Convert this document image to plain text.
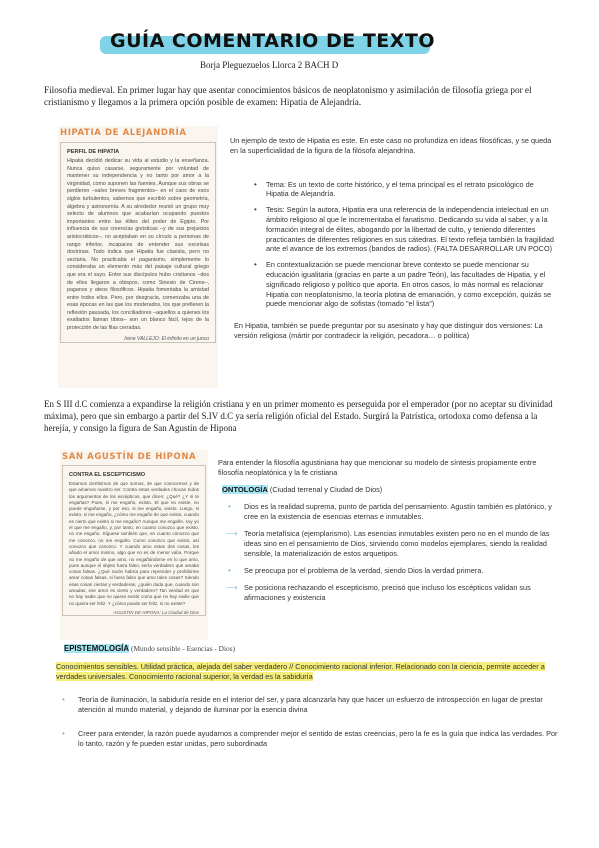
GUÍA COMENTARIO DE TEXTO
Borja Pleguezuelos Llorca 2 BACH D
Filosofía medieval. En primer lugar hay que asentar conocimientos básicos de neoplatonismo y asimilación de filosofía griega por el cristianismo y llegamos a la primera opción posible de examen: Hipatia de Alejandría.
HIPATIA DE ALEJANDRÍA
PERFIL DE HIPATIA
Hipatia decidió dedicar su vida al estudio y la enseñanza. Nunca quiso casarse, seguramente por voluntad de mantener su independencia y no tanto por amor a la virginidad, como suponen las fuentes. Aunque sus obras se perdieron –salvo breves fragmentos– en el caos de esos siglos turbulentos, sabemos que escribió sobre geometría, álgebra y astronomía. A su alrededor reunió un grupo muy selecto de alumnos que acabarían ocupando puestos importantes entre las élites del poder de Egipto. Por influencia de sus creencias gnósticas –y de sus prejuicios aristocráticos–, no aceptaban en su círculo a personas de rango inferior, incapaces de entender sus excelsas doctrinas. Todo indica que Hipatia fue clasista, pero no sectaria. No practicaba el paganismo, simplemente lo consideraba un elemento más del paisaje cultural griego que era el suyo. Entre sus discípulos hubo cristianos –dos de ellos llegaron a obispos, como Sinesio de Cirene–, paganos y ateos filosóficos. Hipatia fomentaba la amistad entre todos ellos. Pero, por desgracia, comenzaba una de esas épocas en las que los moderados, los que prefieren la reflexión pausada, los conciliadores –aquellos a quienes los exaltados llaman tibios– son un blanco fácil, lejos de la protección de las filas cerradas.
Irene VALLEJO: El infinito en un junco
Un ejemplo de texto de Hipatia es este. En este caso no profundiza en ideas filosóficas, y se queda en la superficialidad de la figura de la filósofa alejandrina.
• Tema: Es un texto de corte histórico, y el tema principal es el retrato psicológico de Hipatia de Alejandría.
• Tesis: Según la autora, Hipatia era una referencia de la independencia intelectual en un ámbito religioso al que le incrementaba el fanatismo. Dedicando su vida al saber, y a la formación integral de élites, abogando por la libertad de culto, y teniendo diferentes practicantes de diferentes religiones en sus cátedras. El texto refleja también la fragilidad ante el avance de los extremos (bandos de radios). (FALTA DESARROLLAR UN POCO)
• En contextualización se puede mencionar breve contexto se puede mencionar su educación igualitaria (gracias en parte a un padre Teón), las facultades de Hipatia, y el significado religioso y político que aporta. En otros casos, lo más normal es relacionar Hipatia con neoplatonismo, la teoría plotina de emanación, y como excepción, quizás se puede mencionar algo de sofistas (tomado "el lista")
En Hipatia, también se puede preguntar por su asesinato y hay que distinguir dos versiones: La versión religiosa (mártir por contradecir la religión, pecadora… o política)
En S III d.C comienza a expandirse la religión cristiana y en un primer momento es perseguida por el emperador (por no aceptar su divinidad máxima), pero que sin embargo a partir del S.IV d.C ya sería religión oficial del Estado. Surgirá la Patrística, ortodoxa como defensa a la herejía, y consigo la figura de San Agustín de Hipona
SAN AGUSTÍN DE HIPONA
CONTRA EL ESCEPTICISMO
Estamos ciertísimos de que somos, de que conocemos y de que amamos nuestro ser. Contra estas verdades chocan todos los argumentos de los escépticos, que dicen: ¿Qué? ¿Y si te engañas? Pues, si me engaño, existo. El que no existe, no puede engañarse, y por eso, si me engaño, existo. Luego, si existo, si me engaño, ¿cómo me engaño de que existo, cuando es cierto que existo si me engaño? Aunque me engañe, soy yo el que me engaño, y, por tanto, en cuanto conozco que existo, no me engaño. Síguese también que, en cuanto conozco que me conozco, no me engaño. Como conozco que existo, así conozco que conozco. Y cuando amo estas dos cosas, les añado el amor mismo, algo que no es de menor valía. Porque no me engaño de que amo, no engañándome en lo que amo, pues aunque el objeto fuera falso, sería verdadero que amaba cosas falsas. ¿Qué razón habría para reprender y prohibirme amar cosas falsas, si fuera falso que amo tales cosas? Siendo esas cosas ciertas y verdaderas, ¿quién duda que, cuando son amadas, ese amor es cierto y verdadero? Tan verdad es que no hay nadie que no quiera existir como que no hay nadie que no quiera ser feliz. Y ¿cómo puede ser feliz, si no existe?
AGUSTÍN DE HIPONA: La Ciudad de Dios
Para entender la filosofía agustiniana hay que mencionar su modelo de síntesis propiamente entre filosofía neoplatónica y la fe cristiana
ONTOLOGÍA (Ciudad terrenal y Ciudad de Dios)
• Dios es la realidad suprema, punto de partida del pensamiento. Agustín también es platónico, y cree en la existencia de esencias eternas e inmutables.
⟶ Teoría metafísica (ejemplarismo). Las esencias inmutables existen pero no en el mundo de las ideas sino en el pensamiento de Dios, sirviendo como modelos ejemplares, siendo la realidad sensible, la materialización de estos arquetipos.
• Se preocupa por el problema de la verdad, siendo Dios la verdad primera.
⟶ Se posiciona rechazando el escepticismo, precisó que incluso los escépticos validan sus afirmaciones y existencia
EPISTEMOLOGÍA (Mundo sensible - Esencias - Dios)
Conocimientos sensibles. Utilidad práctica, alejada del saber verdadero // Conocimiento racional inferior. Relacionado con la ciencia, permite acceder a verdades universales. Conocimiento racional superior, la verdad es la sabiduría
• Teoría de iluminación, la sabiduría reside en el interior del ser, y para alcanzarla hay que hacer un esfuerzo de introspección en lugar de prestar atención al mundo material, y dejando de iluminar por la esencia divina
• Creer para entender, la razón puede ayudarnos a comprender mejor el sentido de estas creencias, pero la fe es la guía que indica las verdades. Por lo tanto, razón y fe pueden estar unidas, pero subordinada
